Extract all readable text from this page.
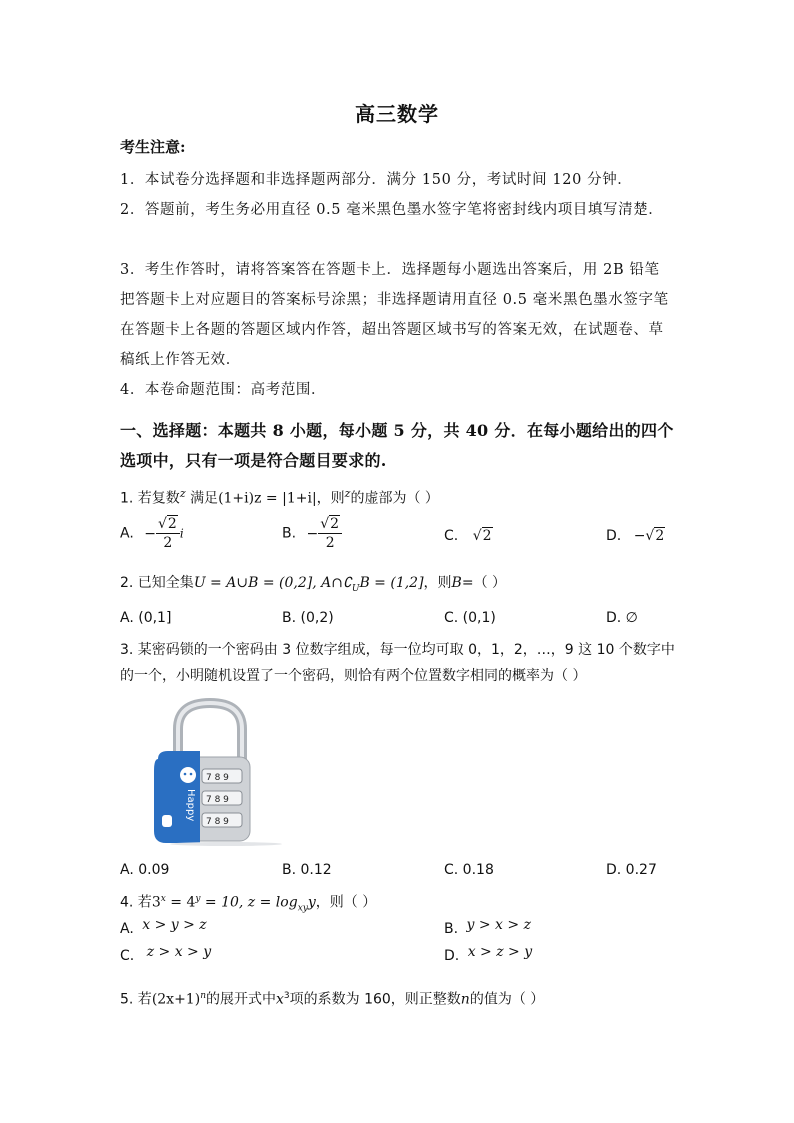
高三数学
考生注意:
1．本试卷分选择题和非选择题两部分．满分 150 分，考试时间 120 分钟．
2．答题前，考生务必用直径 0.5 毫米黑色墨水签字笔将密封线内项目填写清楚．
3．考生作答时，请将答案答在答题卡上．选择题每小题选出答案后，用 2B 铅笔把答题卡上对应题目的答案标号涂黑；非选择题请用直径 0.5 毫米黑色墨水签字笔在答题卡上各题的答题区域内作答，超出答题区域书写的答案无效，在试题卷、草稿纸上作答无效．
4．本卷命题范围：高考范围．
一、选择题：本题共 8 小题，每小题 5 分，共 40 分．在每小题给出的四个选项中，只有一项是符合题目要求的.
1. 若复数$^z$ 满足(1+i)z = |1+i|，则$^z$的虚部为（ ）
A. − $\frac{√2}{2}$ i	B. − $\frac{√2}{2}$	C. √2	D. −√2
2. 已知全集U = A∪B = (0,2], $A\cap∁_UB = (1,2]$，则B=（ ）
A. (0,1]	B. (0,2)	C. (0,1)	D. ∅
3. 某密码锁的一个密码由 3 位数字组成，每一位均可取 0，1，2，…，9 这 10 个数字中的一个，小明随机设置了一个密码，则恰有两个位置数字相同的概率为（ ）
Happy
7 8 9
7 8 9
7 8 9
A. 0.09	B. 0.12	C. 0.18	D. 0.27
4. 若$3^x = 4^y = 10$, $z = \log_{xy}y$，则（ ）
A. x > y > z	B. y > x > z
C. z > x > y	D. x > z > y
5. 若$(2x+1)^n$的展开式中$x^3$项的系数为 160，则正整数n的值为（ ）
